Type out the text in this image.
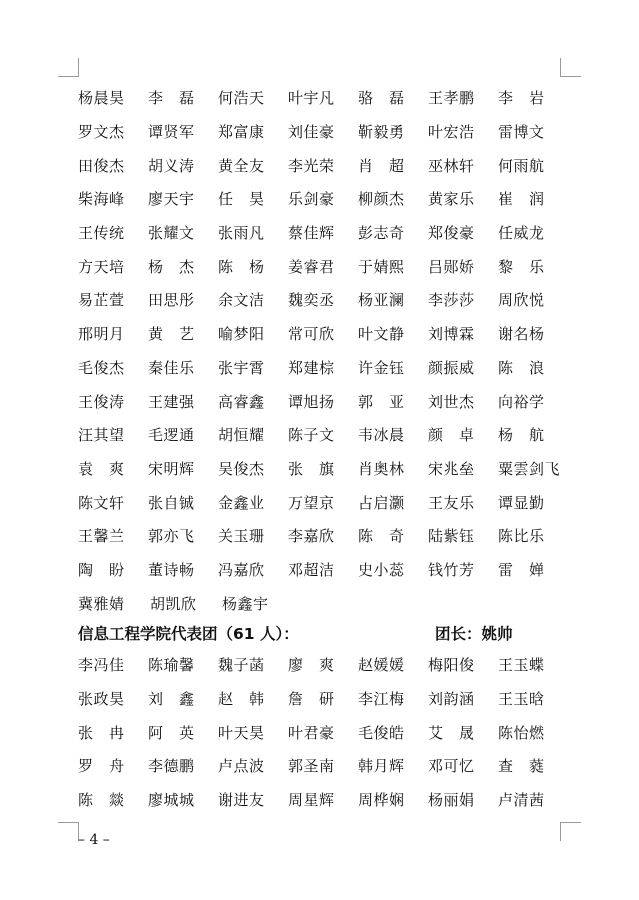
杨晨昊	李　磊	何浩天	叶宇凡	骆　磊	王孝鹏	李　岩
罗文杰	谭贤军	郑富康	刘佳豪	靳毅勇	叶宏浩	雷博文
田俊杰	胡义涛	黄全友	李光荣	肖　超	巫林轩	何雨航
柴海峰	廖天宇	任　昊	乐剑豪	柳颜杰	黄家乐	崔　润
王传统	张耀文	张雨凡	蔡佳辉	彭志奇	郑俊豪	任威龙
方天培	杨　杰	陈　杨	姜睿君	于婧熙	吕郧娇	黎　乐
易芷萱	田思彤	余文洁	魏奕丞	杨亚澜	李莎莎	周欣悦
邢明月	黄　艺	喻梦阳	常可欣	叶文静	刘博霖	谢名杨
毛俊杰	秦佳乐	张宇霄	郑建棕	许金钰	颜振威	陈　浪
王俊涛	王建强	高睿鑫	谭旭扬	郭　亚	刘世杰	向裕学
汪其望	毛逻通	胡恒耀	陈子文	韦冰晨	颜　卓	杨　航
袁　爽	宋明辉	吴俊杰	张　旗	肖奥林	宋兆垒	粟雲剑飞
陈文轩	张自铖	金鑫业	万望京	占启灏	王友乐	谭显勤
王馨兰	郭亦飞	关玉珊	李嘉欣	陈　奇	陆紫钰	陈比乐
陶　盼	董诗畅	冯嘉欣	邓超洁	史小蕊	钱竹芳	雷　婵
冀雅婧	胡凯欣	杨鑫宇
信息工程学院代表团（61 人）：	团长：姚帅
李冯佳	陈瑜馨	魏子菡	廖　爽	赵媛媛	梅阳俊	王玉蝶
张政昊	刘　鑫	赵　韩	詹　研	李江梅	刘韵涵	王玉晗
张　冉	阿　英	叶天昊	叶君豪	毛俊皓	艾　晟	陈怡燃
罗　舟	李德鹏	卢点波	郭圣南	韩月辉	邓可忆	查　蕤
陈　燚	廖城城	谢进友	周星辉	周桦娴	杨丽娟	卢清茜
– 4 –
